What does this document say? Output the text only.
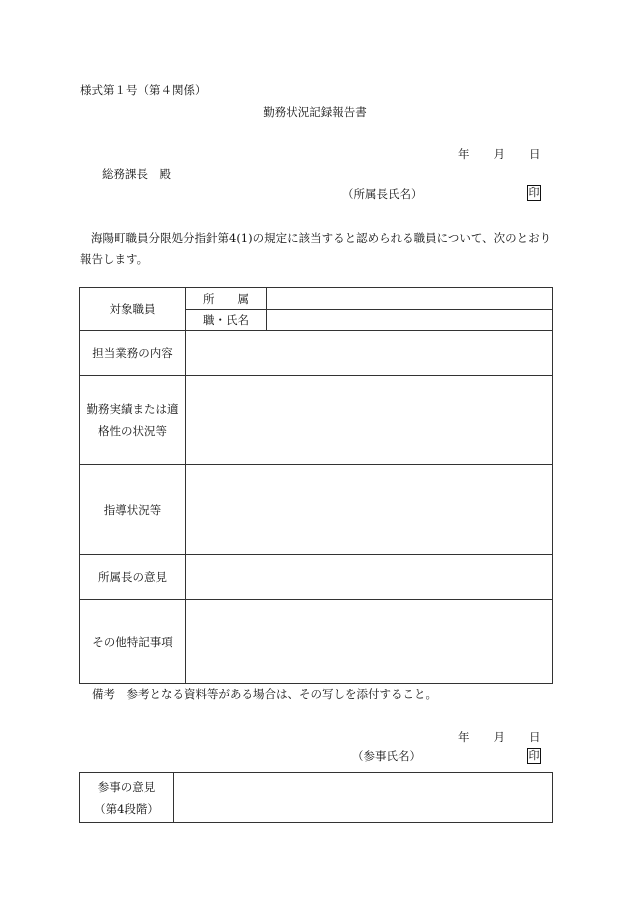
様式第１号（第４関係）
勤務状況記録報告書
年 月 日
総務課長　殿
（所属長氏名）	印
海陽町職員分限処分指針第4(1)の規定に該当すると認められる職員について、次のとおり報告します。
対象職員	所　　属	
	職・氏名	
担当業務の内容		
勤務実績または適格性の状況等		
指導状況等		
所属長の意見		
その他特記事項		
備考　参考となる資料等がある場合は、その写しを添付すること。
年 月 日
（参事氏名）	印
参事の意見
（第4段階）
